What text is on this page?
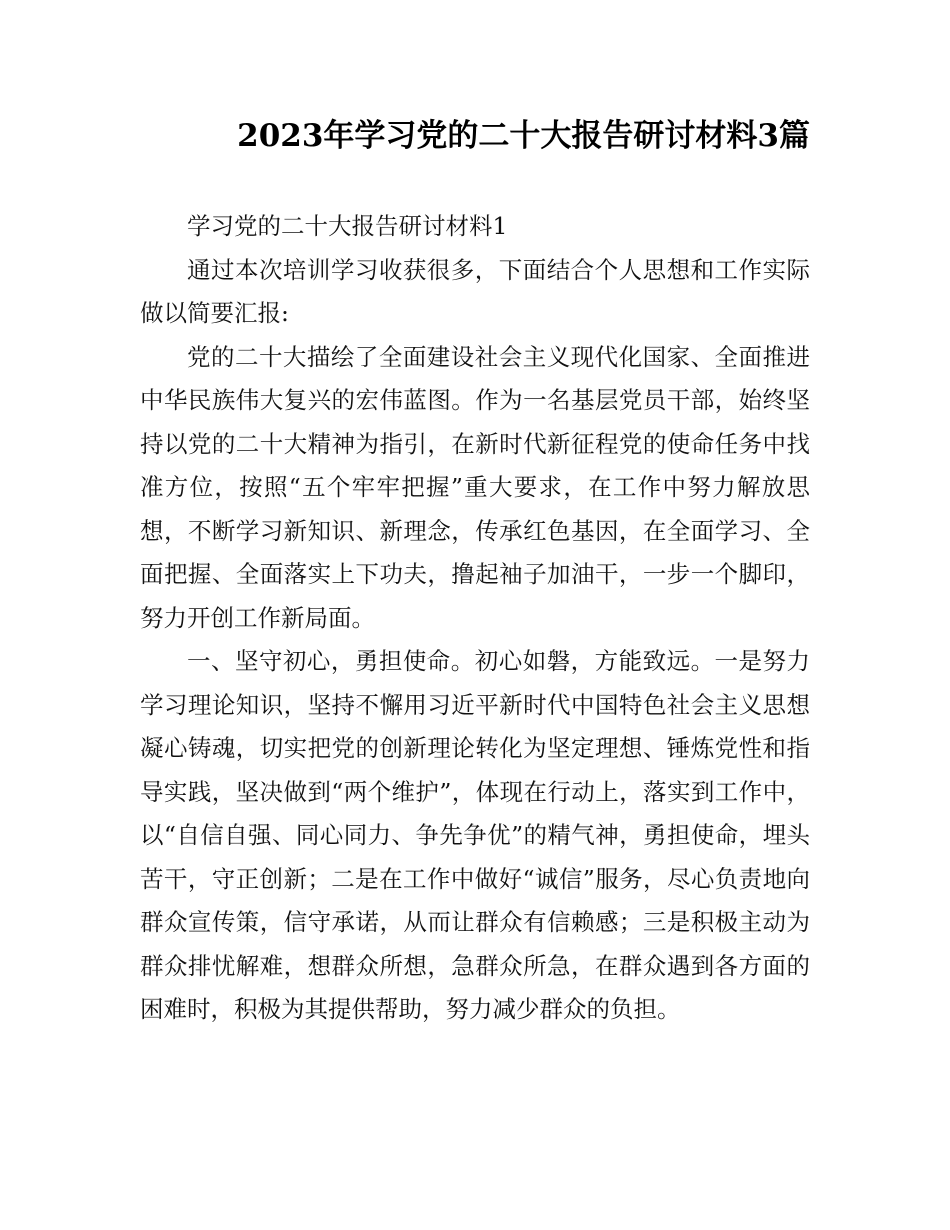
2023年学习党的二十大报告研讨材料3篇

学习党的二十大报告研讨材料1

通过本次培训学习收获很多，下面结合个人思想和工作实际做以简要汇报:

党的二十大描绘了全面建设社会主义现代化国家、全面推进中华民族伟大复兴的宏伟蓝图。作为一名基层党员干部，始终坚持以党的二十大精神为指引，在新时代新征程党的使命任务中找准方位，按照“五个牢牢把握”重大要求，在工作中努力解放思想，不断学习新知识、新理念，传承红色基因，在全面学习、全面把握、全面落实上下功夫，撸起袖子加油干，一步一个脚印，努力开创工作新局面。

一、坚守初心，勇担使命。初心如磐，方能致远。一是努力学习理论知识，坚持不懈用习近平新时代中国特色社会主义思想凝心铸魂，切实把党的创新理论转化为坚定理想、锤炼党性和指导实践，坚决做到“两个维护”，体现在行动上，落实到工作中，以“自信自强、同心同力、争先争优”的精气神，勇担使命，埋头苦干，守正创新；二是在工作中做好“诚信”服务，尽心负责地向群众宣传策，信守承诺，从而让群众有信赖感；三是积极主动为群众排忧解难，想群众所想，急群众所急，在群众遇到各方面的困难时，积极为其提供帮助，努力减少群众的负担。
